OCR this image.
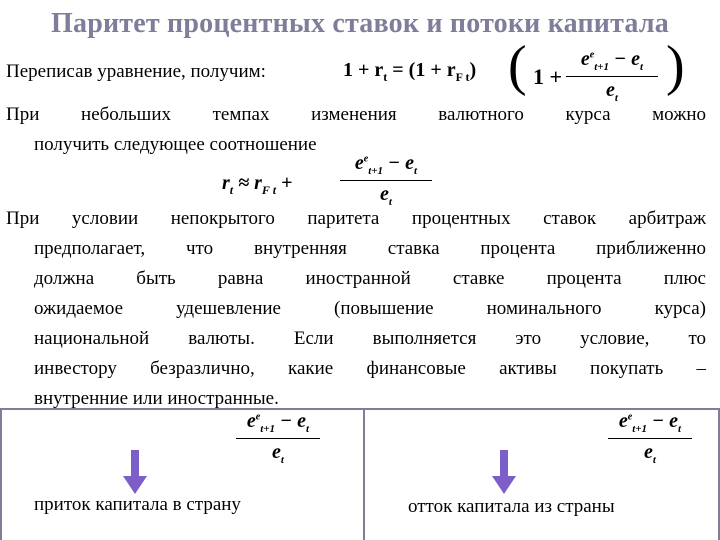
Паритет процентных ставок и потоки капитала
Переписав уравнение, получим:	$1 + r_t = (1 + r_{F t})$ ( 1 +
$e^e_{t+1} - e_t$
$e_t$
)
При небольших темпах изменения валютного курса можно
получить следующее соотношение
$r_t \approx r_{F t}$ +
$e^e_{t+1} - e_t$
$e_t$
При условии непокрытого паритета процентных ставок арбитраж
предполагает, что внутренняя ставка процента приближенно
должна быть равна иностранной ставке процента плюс
ожидаемое удешевление (повышение номинального курса)
национальной валюты. Если выполняется это условие, то
инвестору безразлично, какие финансовые активы покупать –
внутренние или иностранные.
$e^e_{t+1} - e_t$
$e_t$
$e^e_{t+1} - e_t$
$e_t$
приток капитала в страну	отток капитала из страны
